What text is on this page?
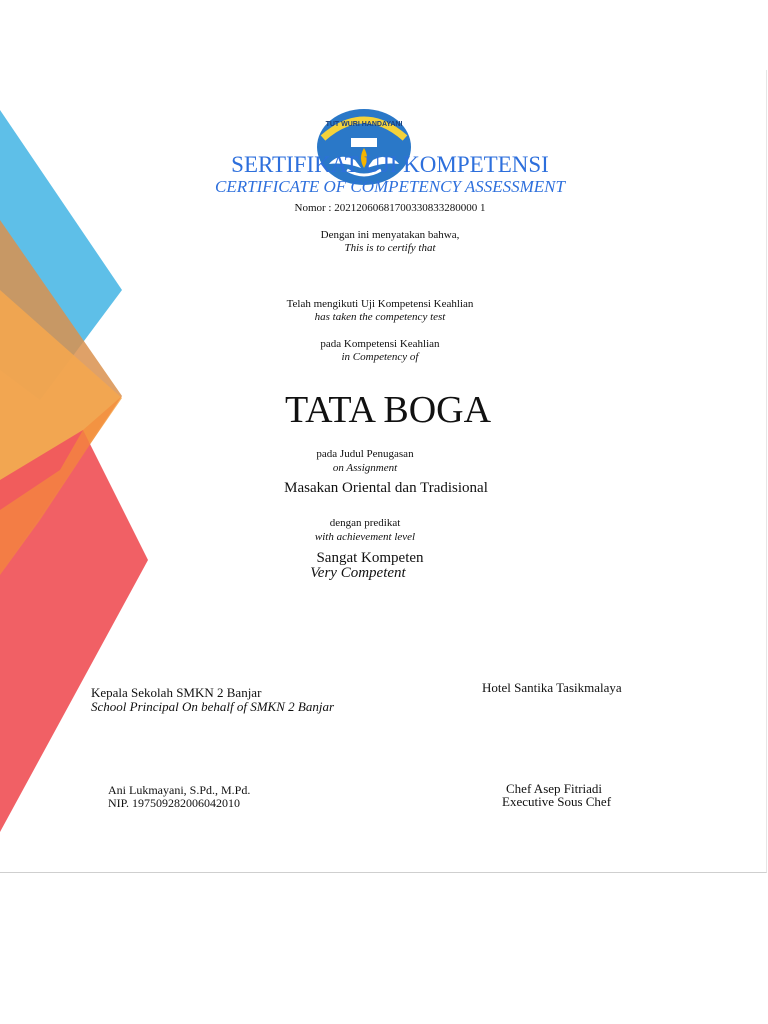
TUT WURI HANDAYANI
SERTIFIKAT UJI KOMPETENSI
CERTIFICATE OF COMPETENCY ASSESSMENT
Nomor : 20212060681700330833280000 1
Dengan ini menyatakan bahwa,
This is to certify that
Telah mengikuti Uji Kompetensi Keahlian
has taken the competency test
pada Kompetensi Keahlian
in Competency of
TATA BOGA
pada Judul Penugasan
on Assignment
Masakan Oriental dan Tradisional
dengan predikat
with achievement level
Sangat Kompeten
Very Competent
Kepala Sekolah SMKN 2 Banjar
School Principal On behalf of SMKN 2 Banjar
Ani Lukmayani, S.Pd., M.Pd.
NIP. 197509282006042010
Hotel Santika Tasikmalaya
Chef Asep Fitriadi
Executive Sous Chef
